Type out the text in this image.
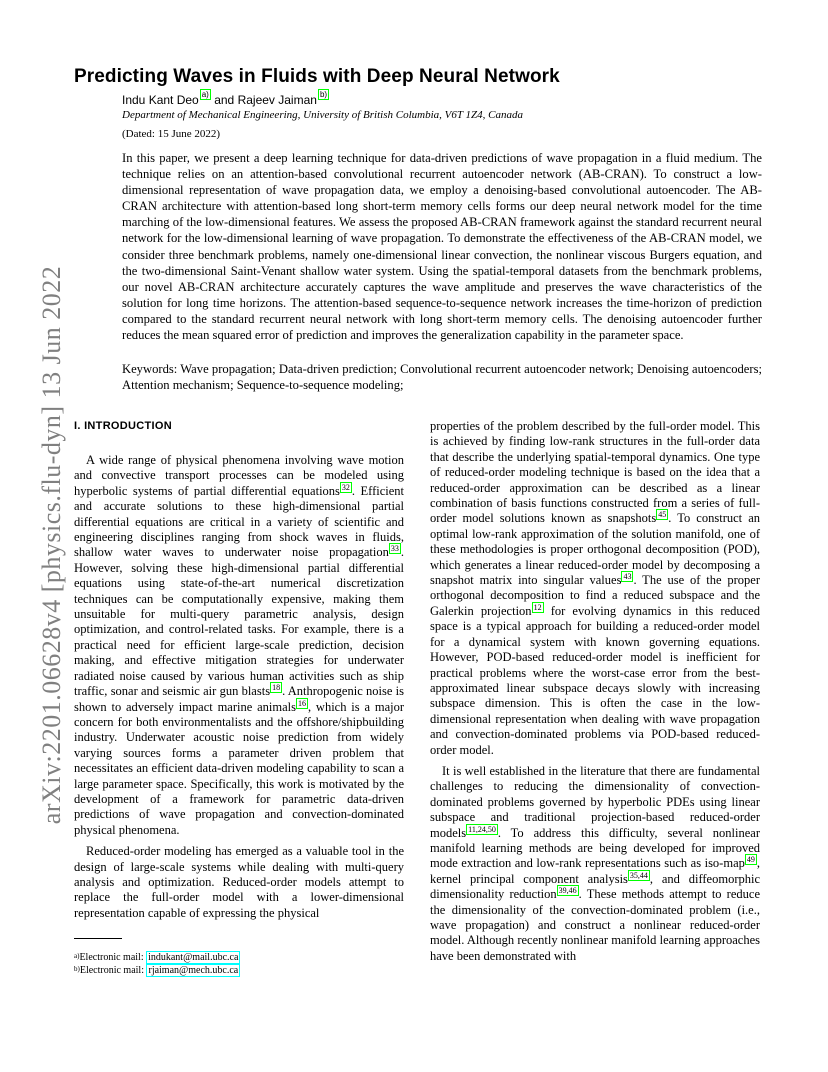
arXiv:2201.06628v4 [physics.flu-dyn] 13 Jun 2022
Predicting Waves in Fluids with Deep Neural Network
Indu Kant Deo $^{a)}$ and Rajeev Jaiman $^{b)}$
Department of Mechanical Engineering, University of British Columbia, V6T 1Z4, Canada
(Dated: 15 June 2022)

In this paper, we present a deep learning technique for data-driven predictions of wave propagation in a fluid medium. The technique relies on an attention-based convolutional recurrent autoencoder network (AB-CRAN). To construct a low-dimensional representation of wave propagation data, we employ a denoising-based convolutional autoencoder. The AB-CRAN architecture with attention-based long short-term memory cells forms our deep neural network model for the time marching of the low-dimensional features. We assess the proposed AB-CRAN framework against the standard recurrent neural network for the low-dimensional learning of wave propagation. To demonstrate the effectiveness of the AB-CRAN model, we consider three benchmark problems, namely one-dimensional linear convection, the nonlinear viscous Burgers equation, and the two-dimensional Saint-Venant shallow water system. Using the spatial-temporal datasets from the benchmark problems, our novel AB-CRAN architecture accurately captures the wave amplitude and preserves the wave characteristics of the solution for long time horizons. The attention-based sequence-to-sequence network increases the time-horizon of prediction compared to the standard recurrent neural network with long short-term memory cells. The denoising autoencoder further reduces the mean squared error of prediction and improves the generalization capability in the parameter space.

Keywords: Wave propagation; Data-driven prediction; Convolutional recurrent autoencoder network; Denoising autoencoders; Attention mechanism; Sequence-to-sequence modeling;
I. INTRODUCTION

A wide range of physical phenomena involving wave motion and convective transport processes can be modeled using hyperbolic systems of partial differential equations $^{32}$ . Efficient and accurate solutions to these high-dimensional partial differential equations are critical in a variety of scientific and engineering disciplines ranging from shock waves in fluids, shallow water waves to underwater noise propagation $^{33}$ . However, solving these high-dimensional partial differential equations using state-of-the-art numerical discretization techniques can be computationally expensive, making them unsuitable for multi-query parametric analysis, design optimization, and control-related tasks. For example, there is a practical need for efficient large-scale prediction, decision making, and effective mitigation strategies for underwater radiated noise caused by various human activities such as ship traffic, sonar and seismic air gun blasts $^{18}$ . Anthropogenic noise is shown to adversely impact marine animals $^{16}$ , which is a major concern for both environmentalists and the offshore/shipbuilding industry. Underwater acoustic noise prediction from widely varying sources forms a parameter driven problem that necessitates an efficient data-driven modeling capability to scan a large parameter space. Specifically, this work is motivated by the development of a framework for parametric data-driven predictions of wave propagation and convection-dominated physical phenomena.

Reduced-order modeling has emerged as a valuable tool in the design of large-scale systems while dealing with multi-query analysis and optimization. Reduced-order models attempt to replace the full-order model with a lower-dimensional representation capable of expressing the physical

properties of the problem described by the full-order model. This is achieved by finding low-rank structures in the full-order data that describe the underlying spatial-temporal dynamics. One type of reduced-order modeling technique is based on the idea that a reduced-order approximation can be described as a linear combination of basis functions constructed from a series of full-order model solutions known as snapshots $^{45}$ . To construct an optimal low-rank approximation of the solution manifold, one of these methodologies is proper orthogonal decomposition (POD), which generates a linear reduced-order model by decomposing a snapshot matrix into singular values $^{43}$ . The use of the proper orthogonal decomposition to find a reduced subspace and the Galerkin projection $^{12}$ for evolving dynamics in this reduced space is a typical approach for building a reduced-order model for a dynamical system with known governing equations. However, POD-based reduced-order model is inefficient for practical problems where the worst-case error from the best-approximated linear subspace decays slowly with increasing subspace dimension. This is often the case in the low-dimensional representation when dealing with wave propagation and convection-dominated problems via POD-based reduced-order model.

It is well established in the literature that there are fundamental challenges to reducing the dimensionality of convection-dominated problems governed by hyperbolic PDEs using linear subspace and traditional projection-based reduced-order models $^{11,24,50}$ . To address this difficulty, several nonlinear manifold learning methods are being developed for improved mode extraction and low-rank representations such as iso-map $^{49}$ , kernel principal component analysis $^{35,44}$ , and diffeomorphic dimensionality reduction $^{39,46}$ . These methods attempt to reduce the dimensionality of the convection-dominated problem (i.e., wave propagation) and construct a nonlinear reduced-order model. Although recently nonlinear manifold learning approaches have been demonstrated with

$^{a)}$Electronic mail: indukant@mail.ubc.ca
$^{b)}$Electronic mail: rjaiman@mech.ubc.ca
